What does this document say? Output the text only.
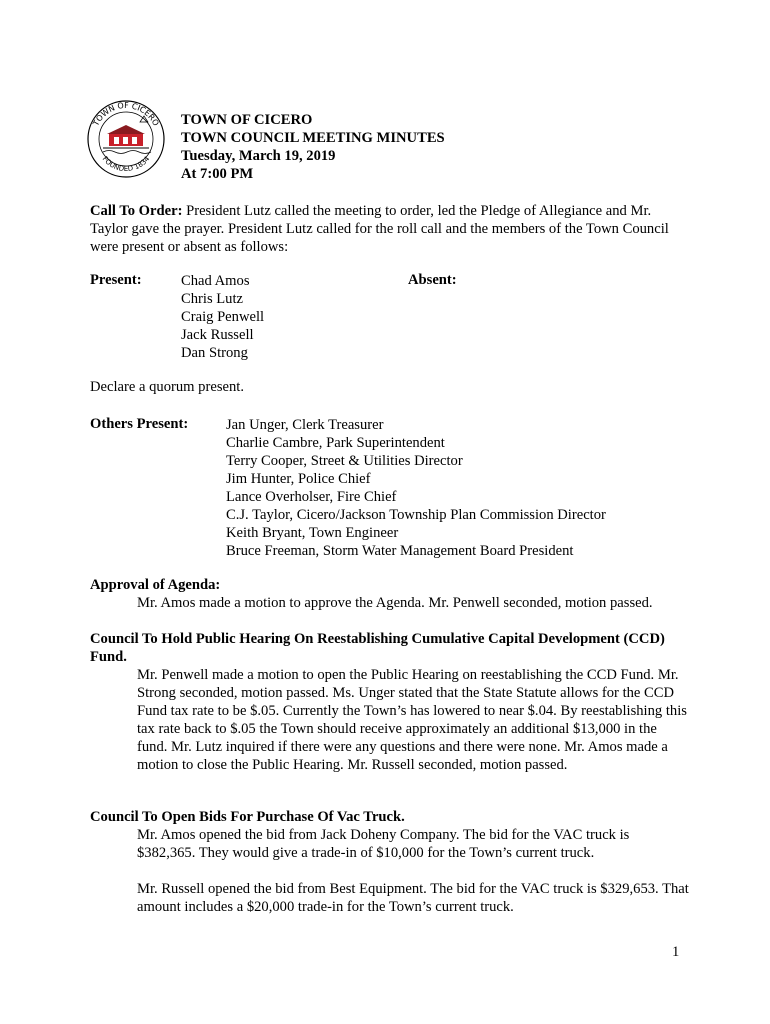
TOWN OF CICERO
FOUNDED 1834
TOWN OF CICERO
TOWN COUNCIL MEETING MINUTES
Tuesday, March 19, 2019
At 7:00 PM

Call To Order: President Lutz called the meeting to order, led the Pledge of Allegiance and Mr. Taylor gave the prayer. President Lutz called for the roll call and the members of the Town Council were present or absent as follows:

Present:	Chad Amos
Chris Lutz
Craig Penwell
Jack Russell
Dan Strong
Absent:
Declare a quorum present.
Others Present:	Jan Unger, Clerk Treasurer
Charlie Cambre, Park Superintendent
Terry Cooper, Street & Utilities Director
Jim Hunter, Police Chief
Lance Overholser, Fire Chief
C.J. Taylor, Cicero/Jackson Township Plan Commission Director
Keith Bryant, Town Engineer
Bruce Freeman, Storm Water Management Board President
Approval of Agenda:
Mr. Amos made a motion to approve the Agenda. Mr. Penwell seconded, motion passed.
Council To Hold Public Hearing On Reestablishing Cumulative Capital Development (CCD) Fund.
Mr. Penwell made a motion to open the Public Hearing on reestablishing the CCD Fund. Mr. Strong seconded, motion passed. Ms. Unger stated that the State Statute allows for the CCD Fund tax rate to be $.05. Currently the Town’s has lowered to near $.04. By reestablishing this tax rate back to $.05 the Town should receive approximately an additional $13,000 in the fund. Mr. Lutz inquired if there were any questions and there were none. Mr. Amos made a motion to close the Public Hearing. Mr. Russell seconded, motion passed.
Council To Open Bids For Purchase Of Vac Truck.
Mr. Amos opened the bid from Jack Doheny Company. The bid for the VAC truck is $382,365. They would give a trade-in of $10,000 for the Town’s current truck.
Mr. Russell opened the bid from Best Equipment. The bid for the VAC truck is $329,653. That amount includes a $20,000 trade-in for the Town’s current truck.
1
